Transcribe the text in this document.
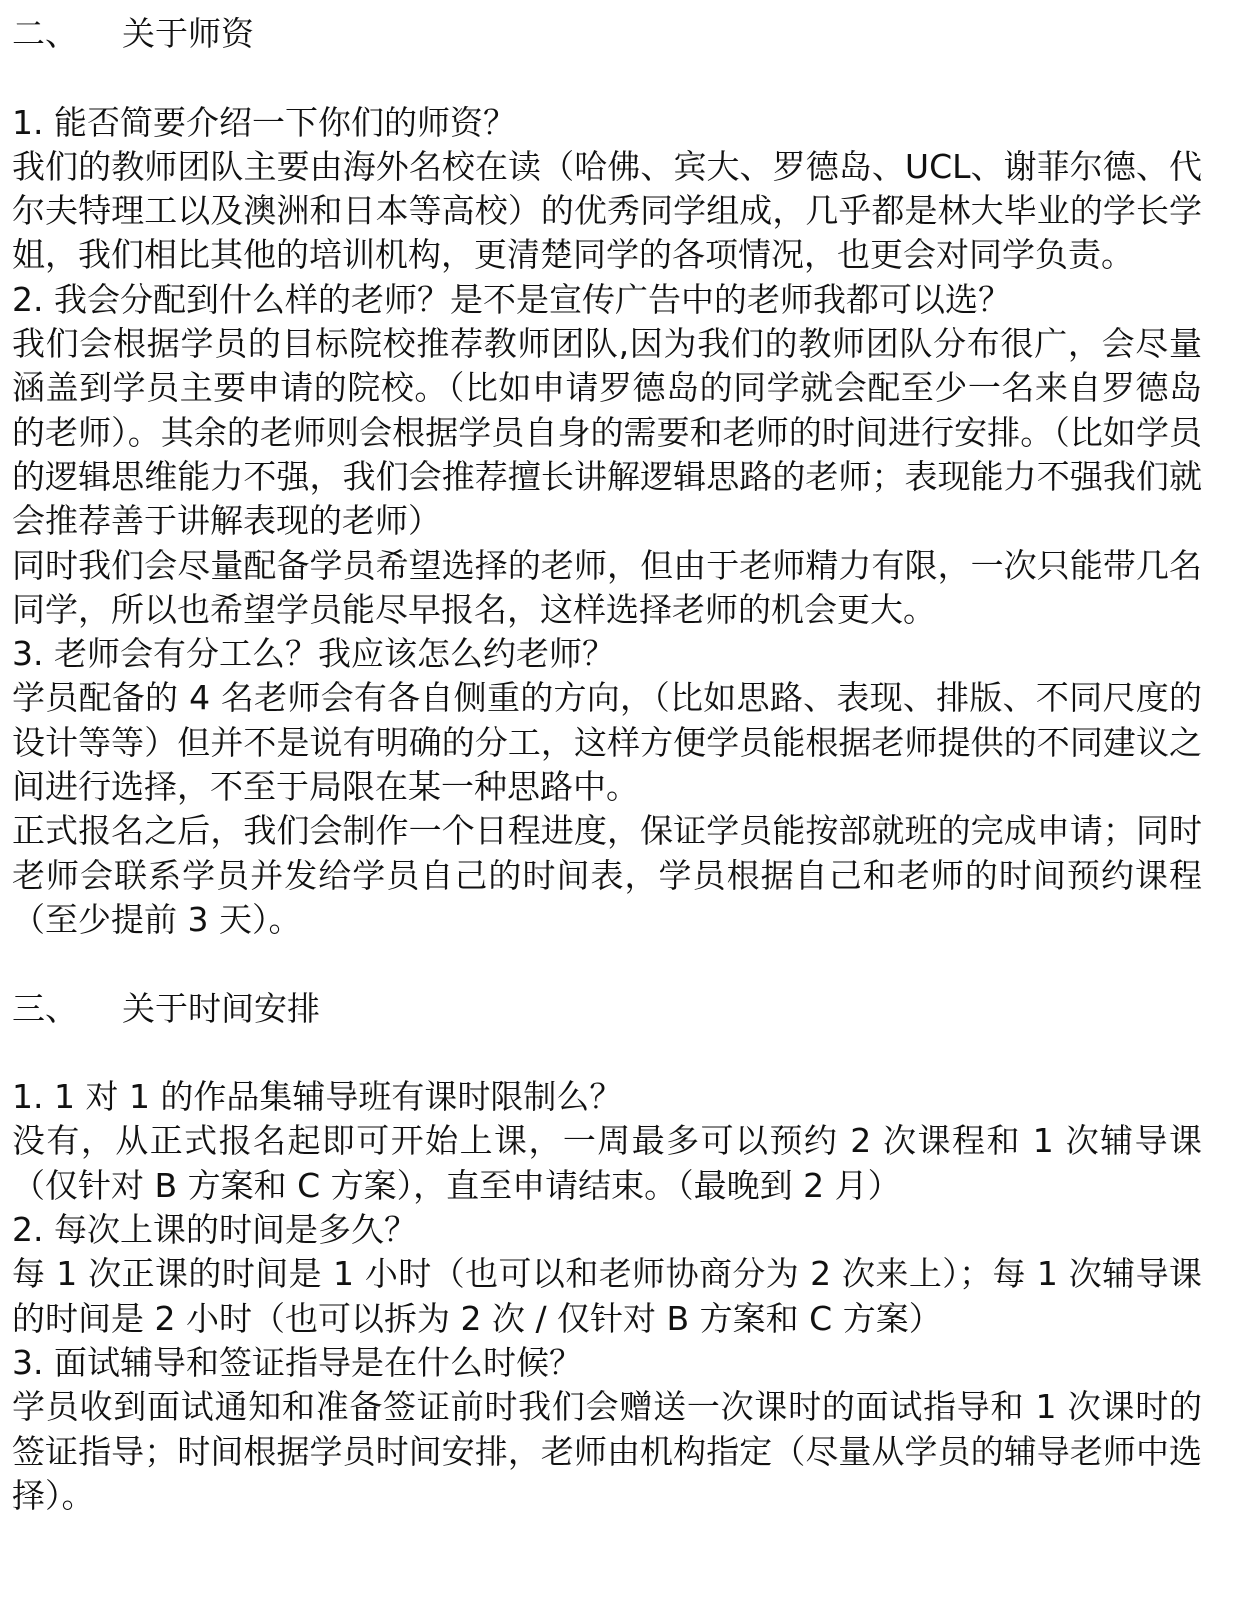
二、 关于师资

1. 能否简要介绍一下你们的师资？

我们的教师团队主要由海外名校在读（哈佛、宾大、罗德岛、UCL、谢菲尔德、代尔夫特理工以及澳洲和日本等高校）的优秀同学组成，几乎都是林大毕业的学长学姐，我们相比其他的培训机构，更清楚同学的各项情况，也更会对同学负责。

2. 我会分配到什么样的老师？是不是宣传广告中的老师我都可以选？

我们会根据学员的目标院校推荐教师团队,因为我们的教师团队分布很广，会尽量涵盖到学员主要申请的院校。（比如申请罗德岛的同学就会配至少一名来自罗德岛的老师）。其余的老师则会根据学员自身的需要和老师的时间进行安排。（比如学员的逻辑思维能力不强，我们会推荐擅长讲解逻辑思路的老师；表现能力不强我们就会推荐善于讲解表现的老师）

同时我们会尽量配备学员希望选择的老师，但由于老师精力有限，一次只能带几名同学，所以也希望学员能尽早报名，这样选择老师的机会更大。

3. 老师会有分工么？我应该怎么约老师？

学员配备的 4 名老师会有各自侧重的方向，（比如思路、表现、排版、不同尺度的设计等等）但并不是说有明确的分工，这样方便学员能根据老师提供的不同建议之间进行选择，不至于局限在某一种思路中。

正式报名之后，我们会制作一个日程进度，保证学员能按部就班的完成申请；同时老师会联系学员并发给学员自己的时间表，学员根据自己和老师的时间预约课程（至少提前 3 天）。

三、 关于时间安排

1. 1 对 1 的作品集辅导班有课时限制么？

没有，从正式报名起即可开始上课，一周最多可以预约 2 次课程和 1 次辅导课（仅针对 B 方案和 C 方案），直至申请结束。（最晚到 2 月）

2. 每次上课的时间是多久？

每 1 次正课的时间是 1 小时（也可以和老师协商分为 2 次来上）；每 1 次辅导课的时间是 2 小时（也可以拆为 2 次 / 仅针对 B 方案和 C 方案）

3. 面试辅导和签证指导是在什么时候？

学员收到面试通知和准备签证前时我们会赠送一次课时的面试指导和 1 次课时的签证指导；时间根据学员时间安排，老师由机构指定（尽量从学员的辅导老师中选择）。
